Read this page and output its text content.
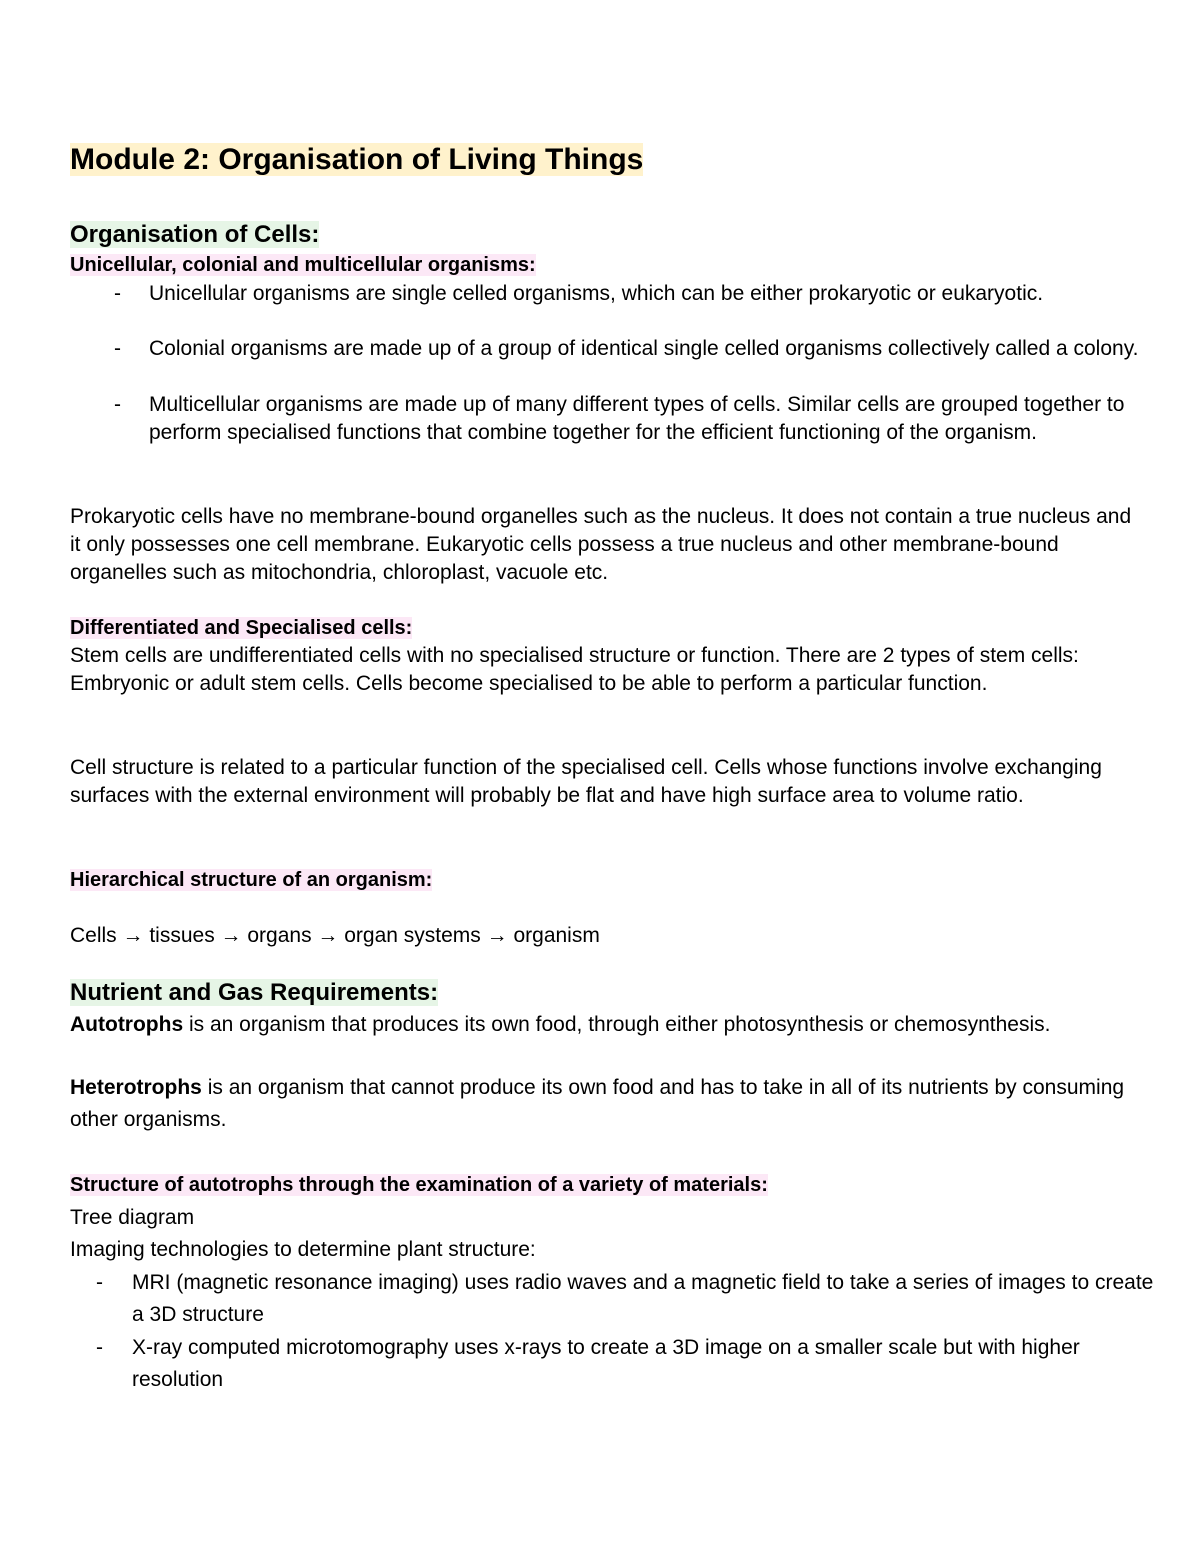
Module 2: Organisation of Living Things
Organisation of Cells:
Unicellular, colonial and multicellular organisms:
- Unicellular organisms are single celled organisms, which can be either prokaryotic or eukaryotic.
- Colonial organisms are made up of a group of identical single celled organisms collectively called a colony.
- Multicellular organisms are made up of many different types of cells. Similar cells are grouped together to perform specialised functions that combine together for the efficient functioning of the organism.
Prokaryotic cells have no membrane-bound organelles such as the nucleus. It does not contain a true nucleus and it only possesses one cell membrane. Eukaryotic cells possess a true nucleus and other membrane-bound organelles such as mitochondria, chloroplast, vacuole etc.
Differentiated and Specialised cells:
Stem cells are undifferentiated cells with no specialised structure or function. There are 2 types of stem cells: Embryonic or adult stem cells. Cells become specialised to be able to perform a particular function.
Cell structure is related to a particular function of the specialised cell. Cells whose functions involve exchanging surfaces with the external environment will probably be flat and have high surface area to volume ratio.
Hierarchical structure of an organism:
Cells → tissues → organs → organ systems → organism
Nutrient and Gas Requirements:
Autotrophs is an organism that produces its own food, through either photosynthesis or chemosynthesis.
Heterotrophs is an organism that cannot produce its own food and has to take in all of its nutrients by consuming other organisms.
Structure of autotrophs through the examination of a variety of materials:
Tree diagram
Imaging technologies to determine plant structure:
- MRI (magnetic resonance imaging) uses radio waves and a magnetic field to take a series of images to create a 3D structure
- X-ray computed microtomography uses x-rays to create a 3D image on a smaller scale but with higher resolution
